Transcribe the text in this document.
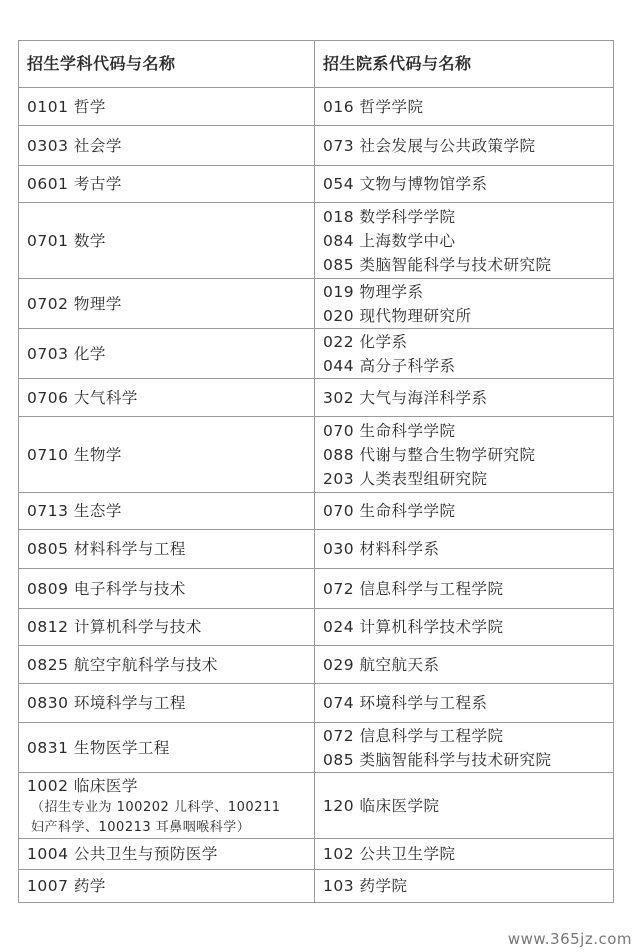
招生学科代码与名称	招生院系代码与名称

0101 哲学	016 哲学学院

0303 社会学	073 社会发展与公共政策学院

0601 考古学	054 文物与博物馆学系

0701 数学	018 数学科学学院
084 上海数学中心
085 类脑智能科学与技术研究院

0702 物理学	019 物理学系
020 现代物理研究所

0703 化学	022 化学系
044 高分子科学系

0706 大气科学	302 大气与海洋科学系

0710 生物学	070 生命科学学院
088 代谢与整合生物学研究院
203 人类表型组研究院

0713 生态学	070 生命科学学院

0805 材料科学与工程	030 材料科学系

0809 电子科学与技术	072 信息科学与工程学院

0812 计算机科学与技术	024 计算机科学技术学院

0825 航空宇航科学与技术	029 航空航天系

0830 环境科学与工程	074 环境科学与工程系

0831 生物医学工程	072 信息科学与工程学院
085 类脑智能科学与技术研究院

1002 临床医学
（招生专业为 100202 儿科学、100211
妇产科学、100213 耳鼻咽喉科学）	120 临床医学院

1004 公共卫生与预防医学	102 公共卫生学院

1007 药学	103 药学院
www.365jz.com
